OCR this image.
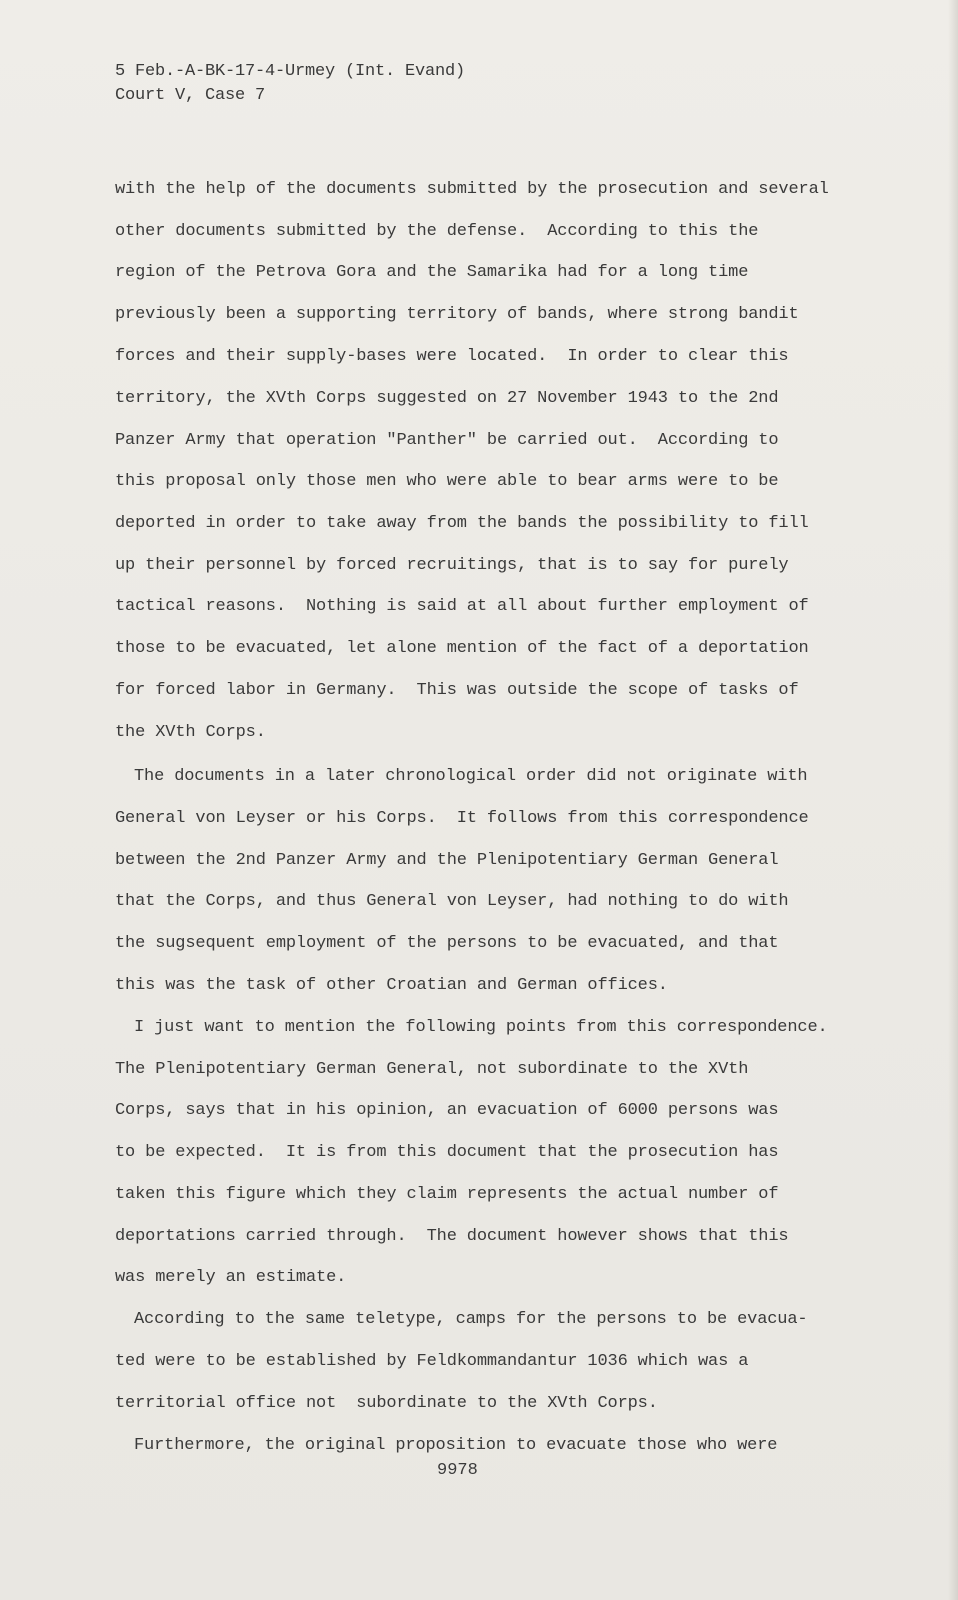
5 Feb.-A-BK-17-4-Urmey (Int. Evand)
Court V, Case 7
with the help of the documents submitted by the prosecution and several
other documents submitted by the defense.  According to this the
region of the Petrova Gora and the Samarika had for a long time
previously been a supporting territory of bands, where strong bandit
forces and their supply-bases were located.  In order to clear this
territory, the XVth Corps suggested on 27 November 1943 to the 2nd
Panzer Army that operation "Panther" be carried out.  According to
this proposal only those men who were able to bear arms were to be
deported in order to take away from the bands the possibility to fill
up their personnel by forced recruitings, that is to say for purely
tactical reasons.  Nothing is said at all about further employment of
those to be evacuated, let alone mention of the fact of a deportation
for forced labor in Germany.  This was outside the scope of tasks of
the XVth Corps.
The documents in a later chronological order did not originate with
General von Leyser or his Corps.  It follows from this correspondence
between the 2nd Panzer Army and the Plenipotentiary German General
that the Corps, and thus General von Leyser, had nothing to do with
the sugsequent employment of the persons to be evacuated, and that
this was the task of other Croatian and German offices.
I just want to mention the following points from this correspondence.
The Plenipotentiary German General, not subordinate to the XVth
Corps, says that in his opinion, an evacuation of 6000 persons was
to be expected.  It is from this document that the prosecution has
taken this figure which they claim represents the actual number of
deportations carried through.  The document however shows that this
was merely an estimate.
According to the same teletype, camps for the persons to be evacua-
ted were to be established by Feldkommandantur 1036 which was a
territorial office not  subordinate to the XVth Corps.
Furthermore, the original proposition to evacuate those who were
9978
